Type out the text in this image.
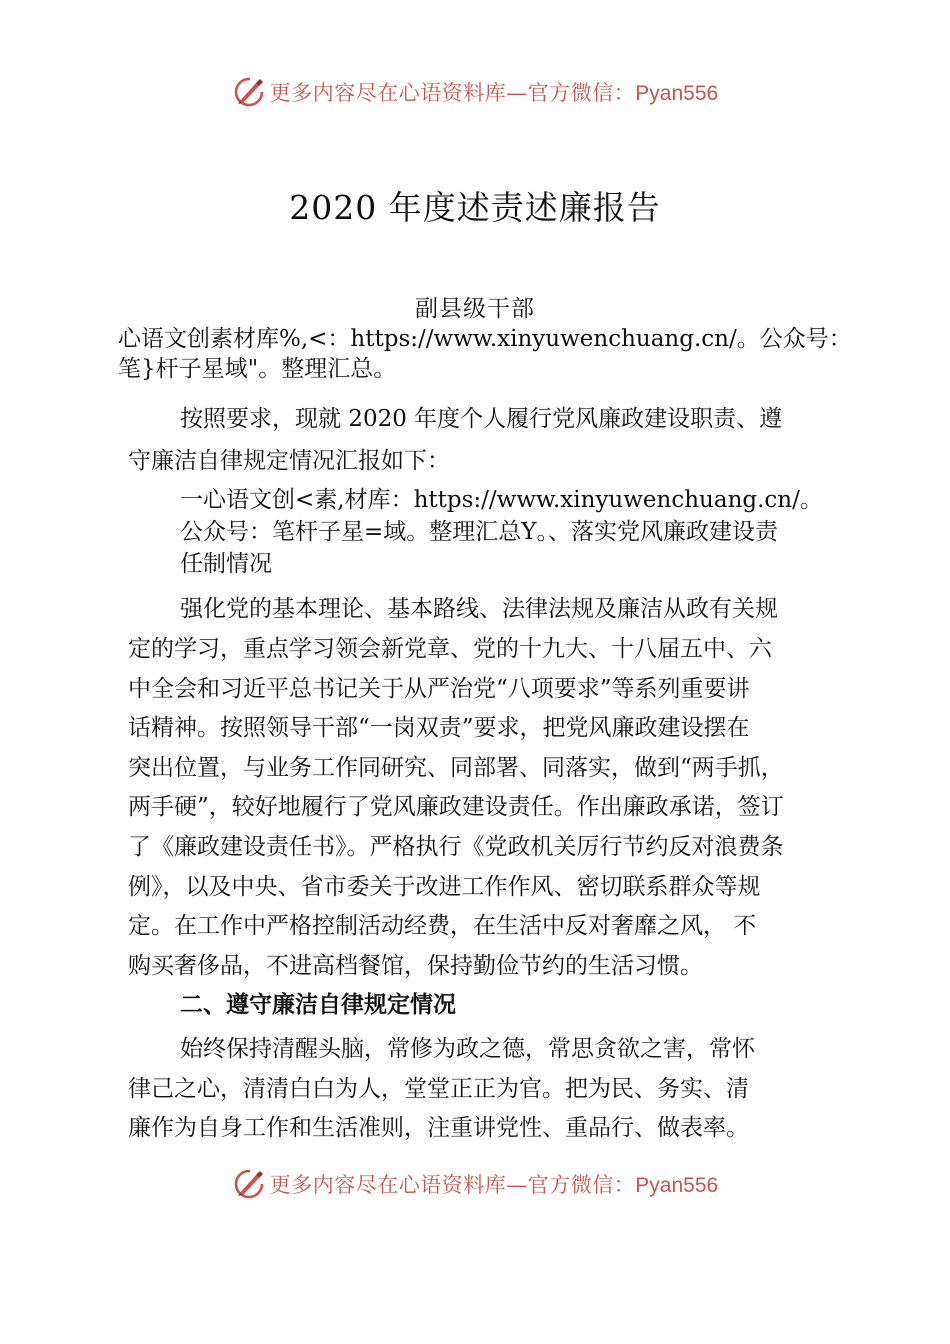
更多内容尽在心语资料库—官方微信：Pyan556
2020 年度述责述廉报告
副县级干部
心语文创素材库%,<：https://www.xinyuwenchuang.cn/。公众号：
笔}杆子星域"。整理汇总。
按照要求，现就 2020 年度个人履行党风廉政建设职责、遵
守廉洁自律规定情况汇报如下：
一心语文创<素,材库：https://www.xinyuwenchuang.cn/。
公众号：笔杆子星=域。整理汇总Y。、落实党风廉政建设责
任制情况
强化党的基本理论、基本路线、法律法规及廉洁从政有关规
定的学习，重点学习领会新党章、党的十九大、十八届五中、六
中全会和习近平总书记关于从严治党“八项要求”等系列重要讲
话精神。按照领导干部“一岗双责”要求，把党风廉政建设摆在
突出位置，与业务工作同研究、同部署、同落实，做到“两手抓，
两手硬”，较好地履行了党风廉政建设责任。作出廉政承诺，签订
了《廉政建设责任书》。严格执行《党政机关厉行节约反对浪费条
例》，以及中央、省市委关于改进工作作风、密切联系群众等规
定。在工作中严格控制活动经费，在生活中反对奢靡之风， 不
购买奢侈品，不进高档餐馆，保持勤俭节约的生活习惯。
二、遵守廉洁自律规定情况
始终保持清醒头脑，常修为政之德，常思贪欲之害，常怀
律己之心，清清白白为人，堂堂正正为官。把为民、务实、清
廉作为自身工作和生活准则，注重讲党性、重品行、做表率。
更多内容尽在心语资料库—官方微信：Pyan556
